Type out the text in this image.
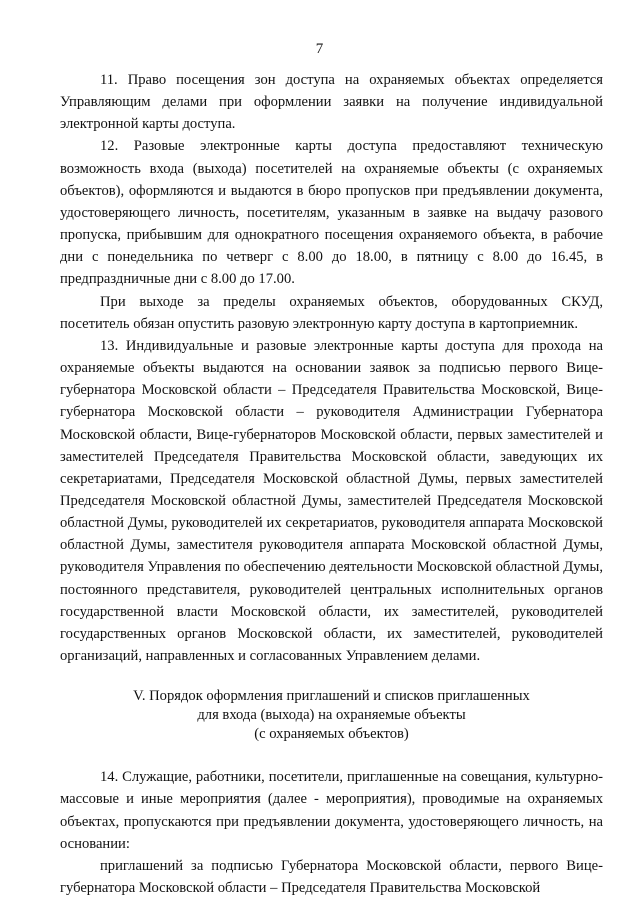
7

11. Право посещения зон доступа на охраняемых объектах определяется Управляющим делами при оформлении заявки на получение индивидуальной электронной карты доступа.

12. Разовые электронные карты доступа предоставляют техническую возможность входа (выхода) посетителей на охраняемые объекты (с охраняемых объектов), оформляются и выдаются в бюро пропусков при предъявлении документа, удостоверяющего личность, посетителям, указанным в заявке на выдачу разового пропуска, прибывшим для однократного посещения охраняемого объекта, в рабочие дни с понедельника по четверг с 8.00 до 18.00, в пятницу с 8.00 до 16.45, в предпраздничные дни с 8.00 до 17.00.

При выходе за пределы охраняемых объектов, оборудованных СКУД, посетитель обязан опустить разовую электронную карту доступа в картоприемник.

13. Индивидуальные и разовые электронные карты доступа для прохода на охраняемые объекты выдаются на основании заявок за подписью первого Вице-губернатора Московской области – Председателя Правительства Московской, Вице-губернатора Московской области – руководителя Администрации Губернатора Московской области, Вице-губернаторов Московской области, первых заместителей и заместителей Председателя Правительства Московской области, заведующих их секретариатами, Председателя Московской областной Думы, первых заместителей Председателя Московской областной Думы, заместителей Председателя Московской областной Думы, руководителей их секретариатов, руководителя аппарата Московской областной Думы, заместителя руководителя аппарата Московской областной Думы, руководителя Управления по обеспечению деятельности Московской областной Думы, постоянного представителя, руководителей центральных исполнительных органов государственной власти Московской области, их заместителей, руководителей государственных органов Московской области, их заместителей, руководителей организаций, направленных и согласованных Управлением делами.

V. Порядок оформления приглашений и списков приглашенных
для входа (выхода) на охраняемые объекты
(с охраняемых объектов)

14. Служащие, работники, посетители, приглашенные на совещания, культурно-массовые и иные мероприятия (далее - мероприятия), проводимые на охраняемых объектах, пропускаются при предъявлении документа, удостоверяющего личность, на основании:

приглашений за подписью Губернатора Московской области, первого Вице-губернатора Московской области – Председателя Правительства Московской
